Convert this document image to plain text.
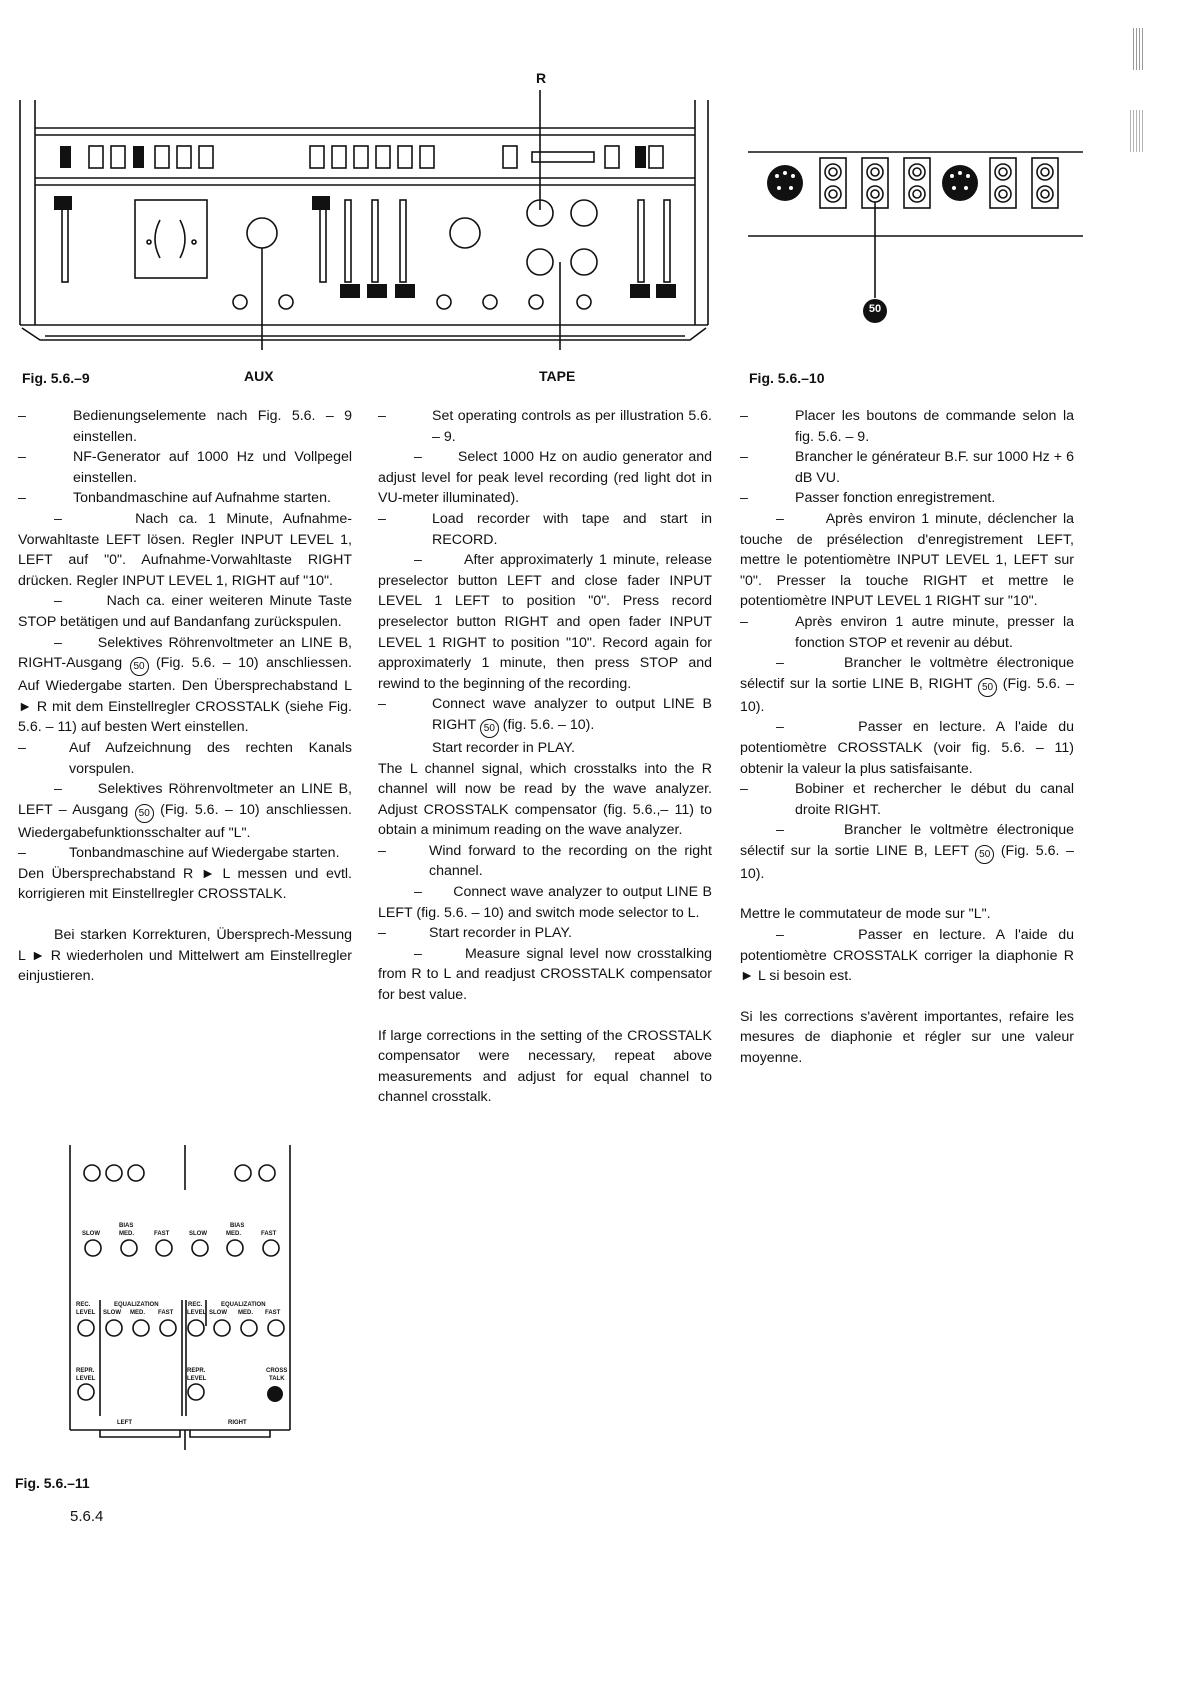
R
Fig. 5.6.–9	AUX	TAPE
50
Fig. 5.6.–10
–	Bedienungselemente nach Fig. 5.6. – 9 einstellen.
–	NF-Generator auf 1000 Hz und Vollpegel einstellen.
–	Tonbandmaschine auf Aufnahme starten.

–	Nach ca. 1 Minute, Aufnahme-Vorwahltaste LEFT lösen. Regler INPUT LEVEL 1, LEFT auf "0". Aufnahme-Vorwahltaste RIGHT drücken. Regler INPUT LEVEL 1, RIGHT auf "10".

–	Nach ca. einer weiteren Minute Taste STOP betätigen und auf Bandanfang zurückspulen.

–	Selektives Röhrenvoltmeter an LINE B, RIGHT-Ausgang 50 (Fig. 5.6. – 10) anschliessen. Auf Wiedergabe starten. Den Übersprechabstand L ► R mit dem Einstellregler CROSSTALK (siehe Fig. 5.6. – 11) auf besten Wert einstellen.

–	Auf Aufzeichnung des rechten Kanals vorspulen.

–	Selektives Röhrenvoltmeter an LINE B, LEFT – Ausgang 50 (Fig. 5.6. – 10) anschliessen. Wiedergabefunktionsschalter auf "L".

–	Tonbandmaschine auf Wiedergabe starten.

Den Übersprechabstand R ► L messen und evtl. korrigieren mit Einstellregler CROSSTALK.

Bei starken Korrekturen, Übersprech-Messung L ► R wiederholen und Mittelwert am Einstellregler einjustieren.

–	Set operating controls as per illustration 5.6. – 9.

–	Select 1000 Hz on audio generator and adjust level for peak level recording (red light dot in VU-meter illuminated).

–	Load recorder with tape and start in RECORD.

–	After approximaterly 1 minute, release preselector button LEFT and close fader INPUT LEVEL 1 LEFT to position "0". Press record preselector button RIGHT and open fader INPUT LEVEL 1 RIGHT to position "10". Record again for approximaterly 1 minute, then press STOP and rewind to the beginning of the recording.

–	Connect wave analyzer to output LINE B RIGHT 50 (fig. 5.6. – 10).
Start recorder in PLAY.

The L channel signal, which crosstalks into the R channel will now be read by the wave analyzer. Adjust CROSSTALK compensator (fig. 5.6.,– 11) to obtain a minimum reading on the wave analyzer.

–	Wind forward to the recording on the right channel.

– Connect wave analyzer to output LINE B LEFT (fig. 5.6. – 10) and switch mode selector to L.

–	Start recorder in PLAY.

–	Measure signal level now crosstalking from R to L and readjust CROSSTALK compensator for best value.

If large corrections in the setting of the CROSSTALK compensator were necessary, repeat above measurements and adjust for equal channel to channel crosstalk.

–	Placer les boutons de commande selon la fig. 5.6. – 9.
–	Brancher le générateur B.F. sur 1000 Hz + 6 dB VU.
–	Passer fonction enregistrement.

–	Après environ 1 minute, déclencher la touche de présélection d'enregistrement LEFT, mettre le potentiomètre INPUT LEVEL 1, LEFT sur "0". Presser la touche RIGHT et mettre le potentiomètre INPUT LEVEL 1 RIGHT sur "10".

–	Après environ 1 autre minute, presser la fonction STOP et revenir au début.

–	Brancher le voltmètre électronique sélectif sur la sortie LINE B, RIGHT 50 (Fig. 5.6. – 10).

–	Passer en lecture. A l'aide du potentiomètre CROSSTALK (voir fig. 5.6. – 11) obtenir la valeur la plus satisfaisante.

–	Bobiner et rechercher le début du canal droite RIGHT.

–	Brancher le voltmètre électronique sélectif sur la sortie LINE B, LEFT 50 (Fig. 5.6. – 10).

Mettre le commutateur de mode sur "L".

–	Passer en lecture. A l'aide du potentiomètre CROSSTALK corriger la diaphonie R ► L si besoin est.

Si les corrections s'avèrent importantes, refaire les mesures de diaphonie et régler sur une valeur moyenne.

BIAS	BIAS
SLOW	MED.	FAST	SLOW	MED.	FAST
REC.
LEVEL
EQUALIZATION
SLOW MED. FAST
REC.
LEVEL
EQUALIZATION
SLOW MED. FAST
REPR.
LEVEL
REPR.
LEVEL
CROSS
TALK
LEFT	RIGHT
Fig. 5.6.–11
5.6.4
